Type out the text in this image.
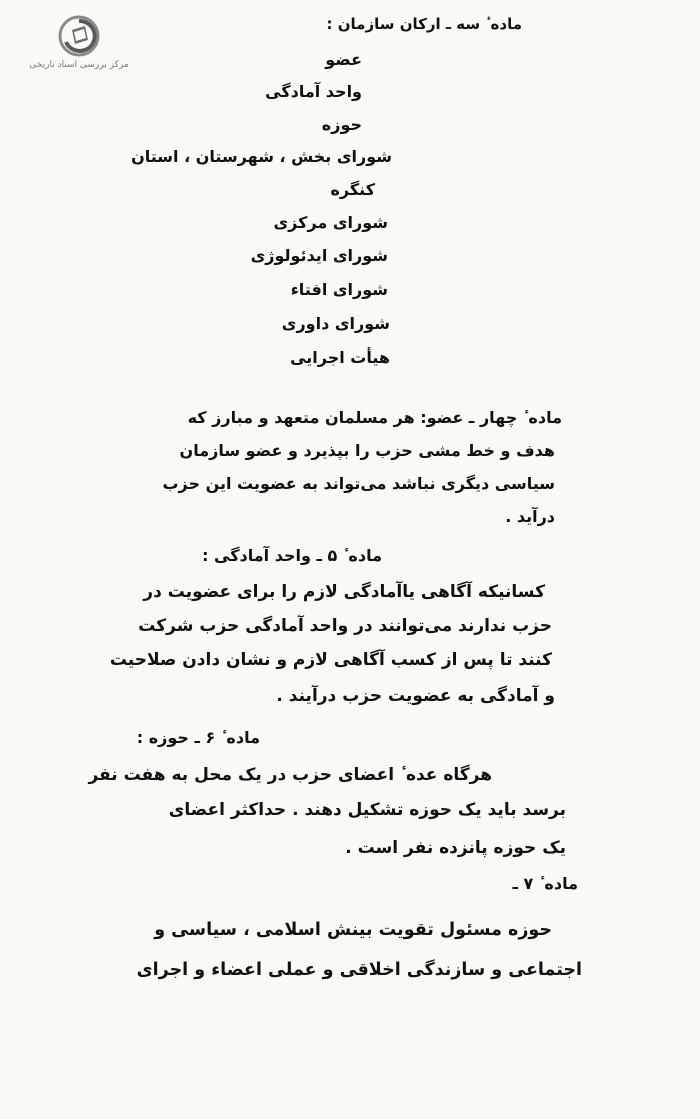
مرکز بررسی اسناد تاریخی
ماده ٔ سه ـ ارکان سازمان :
عضو
واحد آمادگی
حوزه
شورای بخش ، شهرستان ، استان
کنگره
شورای مرکزی
شورای ایدئولوژی
شورای افتاء
شورای داوری
هیأت اجرایی
ماده ٔ چهار ـ عضو: هر مسلمان متعهد و مبارز که
هدف و خط مشی حزب را بپذیرد و عضو سازمان
سیاسی دیگری نباشد می‌تواند به عضویت این حزب
درآید .
ماده ٔ ۵ ـ واحد آمادگی :
کسانیکه آگاهی یاآمادگی لازم را برای عضویت در
حزب ندارند می‌توانند در واحد آمادگی حزب شرکت
کنند تا پس از کسب آگاهی لازم و نشان دادن صلاحیت
و آمادگی به عضویت حزب درآیند .
ماده ٔ ۶ ـ حوزه :
هرگاه عده ٔ اعضای حزب در یک محل به هفت نفر
برسد باید یک حوزه تشکیل دهند . حداکثر اعضای
یک حوزه پانزده نفر است .
ماده ٔ ۷ ـ
حوزه مسئول تقویت بینش اسلامی ، سیاسی و
اجتماعی و سازندگی اخلاقی و عملی اعضاء و اجرای
